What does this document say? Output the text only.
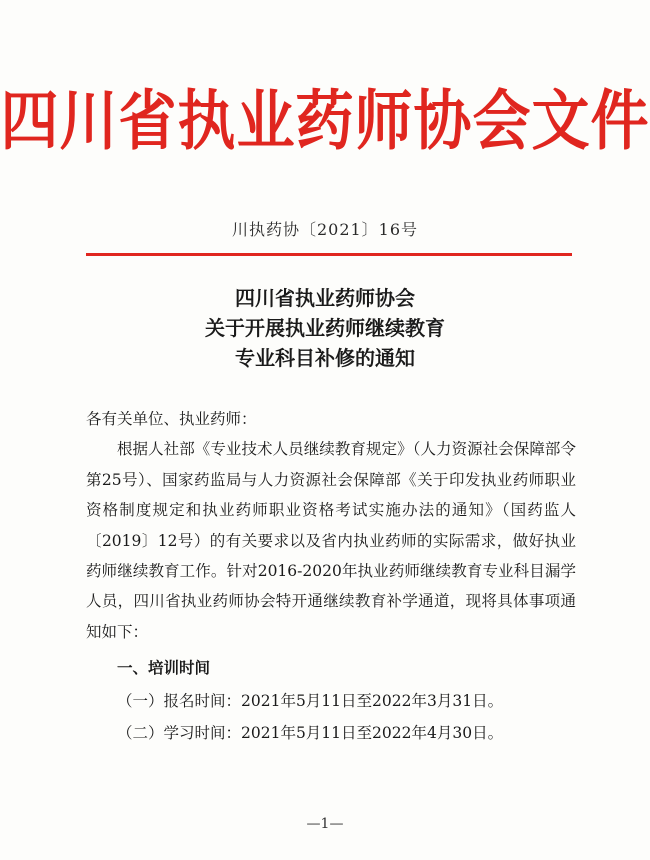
四川省执业药师协会文件
川执药协〔2021〕16号
四川省执业药师协会
关于开展执业药师继续教育
专业科目补修的通知

各有关单位、执业药师：

根据人社部《专业技术人员继续教育规定》（人力资源社会保障部令第25号）、国家药监局与人力资源社会保障部《关于印发执业药师职业资格制度规定和执业药师职业资格考试实施办法的通知》（国药监人〔2019〕12号）的有关要求以及省内执业药师的实际需求，做好执业药师继续教育工作。针对2016-2020年执业药师继续教育专业科目漏学人员，四川省执业药师协会特开通继续教育补学通道，现将具体事项通知如下：

一、培训时间

（一）报名时间：2021年5月11日至2022年3月31日。

（二）学习时间：2021年5月11日至2022年4月30日。

—1—
